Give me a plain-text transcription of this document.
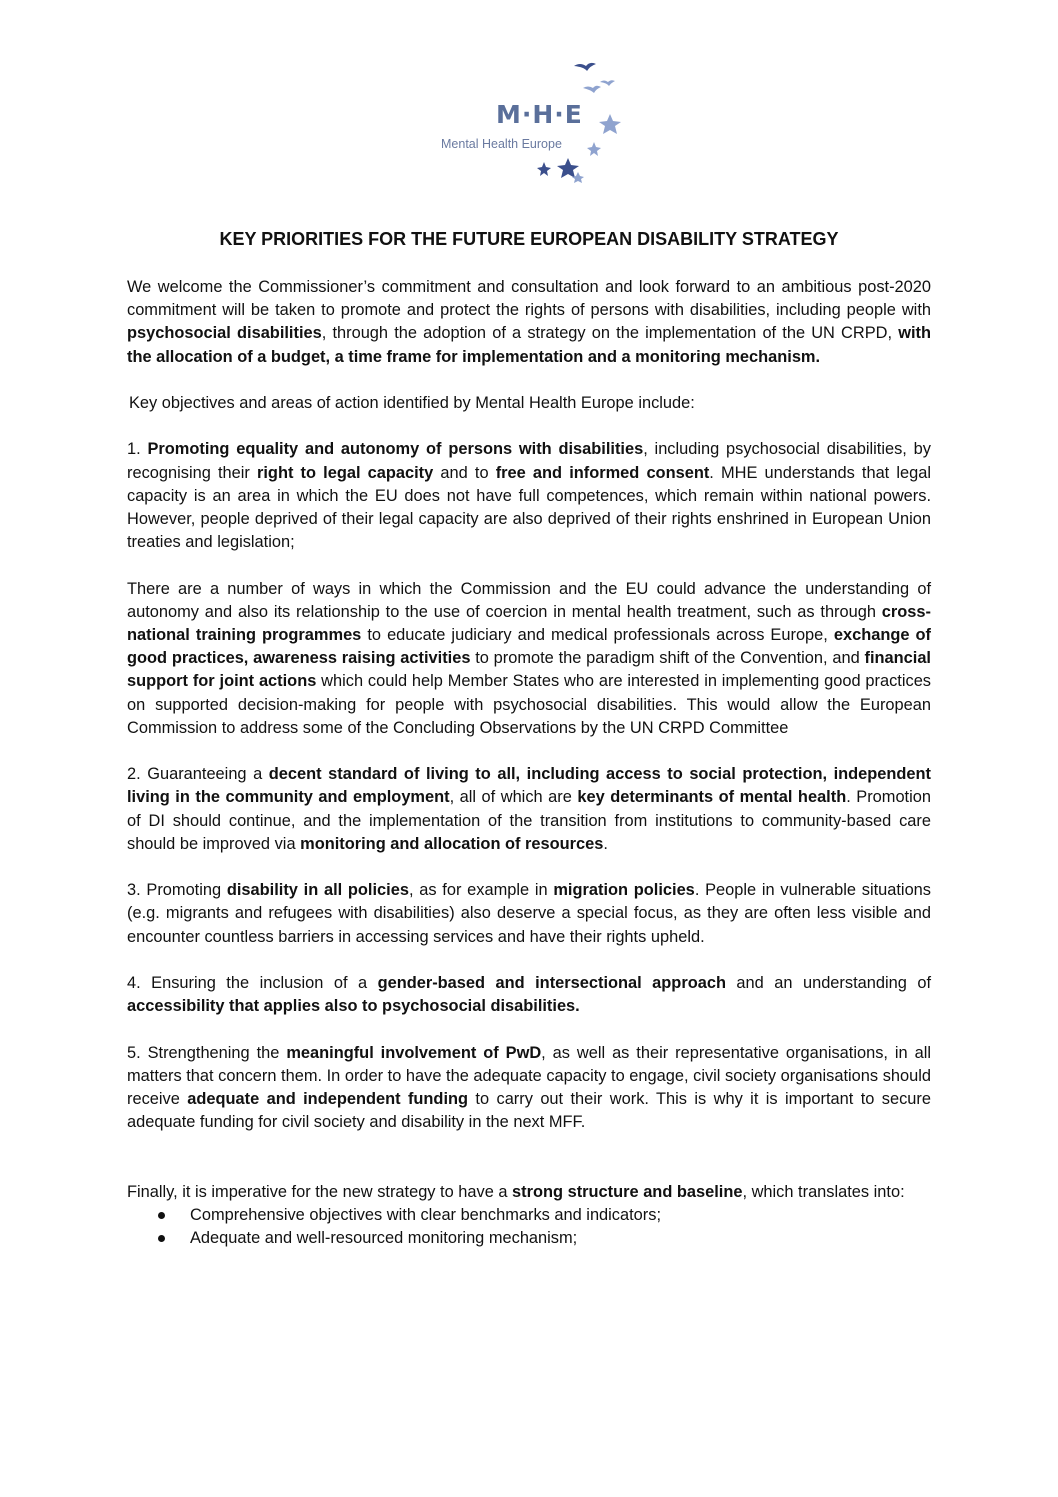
M·H·E
Mental Health Europe
KEY PRIORITIES FOR THE FUTURE EUROPEAN DISABILITY STRATEGY

We welcome the Commissioner’s commitment and consultation and look forward to an ambitious post-2020 commitment will be taken to promote and protect the rights of persons with disabilities, including people with psychosocial disabilities, through the adoption of a strategy on the implementation of the UN CRPD, with the allocation of a budget, a time frame for implementation and a monitoring mechanism.

Key objectives and areas of action identified by Mental Health Europe include:

1. Promoting equality and autonomy of persons with disabilities, including psychosocial disabilities, by recognising their right to legal capacity and to free and informed consent. MHE understands that legal capacity is an area in which the EU does not have full competences, which remain within national powers. However, people deprived of their legal capacity are also deprived of their rights enshrined in European Union treaties and legislation;

There are a number of ways in which the Commission and the EU could advance the understanding of autonomy and also its relationship to the use of coercion in mental health treatment, such as through cross-national training programmes to educate judiciary and medical professionals across Europe, exchange of good practices, awareness raising activities to promote the paradigm shift of the Convention, and financial support for joint actions which could help Member States who are interested in implementing good practices on supported decision-making for people with psychosocial disabilities. This would allow the European Commission to address some of the Concluding Observations by the UN CRPD Committee

2. Guaranteeing a decent standard of living to all, including access to social protection, independent living in the community and employment, all of which are key determinants of mental health. Promotion of DI should continue, and the implementation of the transition from institutions to community-based care should be improved via monitoring and allocation of resources.

3. Promoting disability in all policies, as for example in migration policies. People in vulnerable situations (e.g. migrants and refugees with disabilities) also deserve a special focus, as they are often less visible and encounter countless barriers in accessing services and have their rights upheld.

4. Ensuring the inclusion of a gender-based and intersectional approach and an understanding of accessibility that applies also to psychosocial disabilities.

5. Strengthening the meaningful involvement of PwD, as well as their representative organisations, in all matters that concern them. In order to have the adequate capacity to engage, civil society organisations should receive adequate and independent funding to carry out their work. This is why it is important to secure adequate funding for civil society and disability in the next MFF.

Finally, it is imperative for the new strategy to have a strong structure and baseline, which translates into:

Comprehensive objectives with clear benchmarks and indicators;
Adequate and well-resourced monitoring mechanism;
